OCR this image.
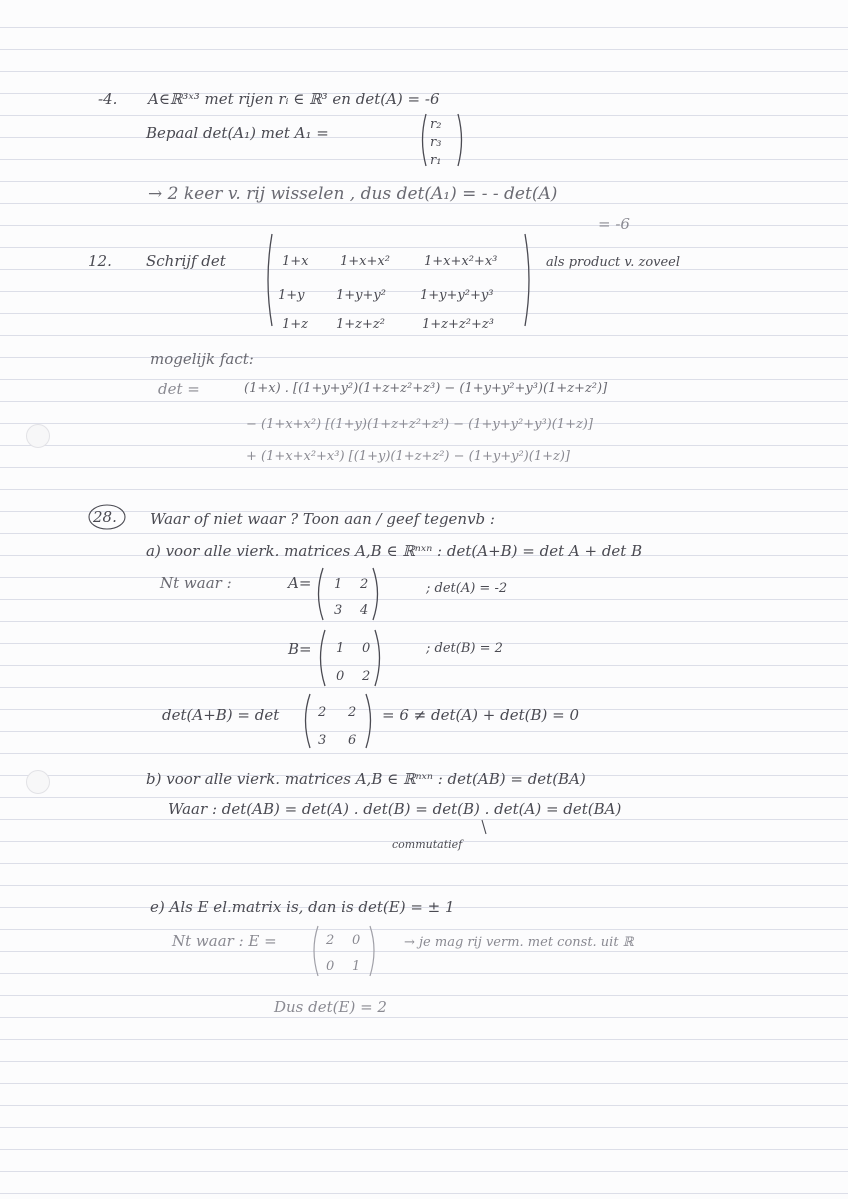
-4. A∈ℝ³ˣ³ met rijen rᵢ ∈ ℝ³ en det(A) = -6
Bepaal det(A₁) met A₁ =	r₂
r₃
r₁
→ 2 keer v. rij wisselen , dus det(A₁) = - - det(A)
= -6
12. Schrijf det	1+x 1+x+x²	1+x+x²+x³
1+y 1+y+y²	1+y+y²+y³
1+z 1+z+z²	1+z+z²+z³
als product v. zoveel
mogelijk fact:
det =	(1+x) . [(1+y+y²)(1+z+z²+z³) − (1+y+y²+y³)(1+z+z²)]
− (1+x+x²) [(1+y)(1+z+z²+z³) − (1+y+y²+y³)(1+z)]
+ (1+x+x²+x³) [(1+y)(1+z+z²) − (1+y+y²)(1+z)]
28. Waar of niet waar ? Toon aan / geef tegenvb :
a) voor alle vierk. matrices A,B ∈ ℝⁿˣⁿ : det(A+B) = det A + det B
Nt waar :	A= 1 2
3 4
; det(A) = -2
B= 1 0
0 2
; det(B) = 2
det(A+B) = det	2 2
3 6
= 6 ≠ det(A) + det(B) = 0
b) voor alle vierk. matrices A,B ∈ ℝⁿˣⁿ : det(AB) = det(BA)
Waar : det(AB) = det(A) . det(B) = det(B) . det(A) = det(BA)
commutatief
e) Als E el.matrix is, dan is det(E) = ± 1
Nt waar : E =	2 0
0 1
→ je mag rij verm. met const. uit ℝ
Dus det(E) = 2
